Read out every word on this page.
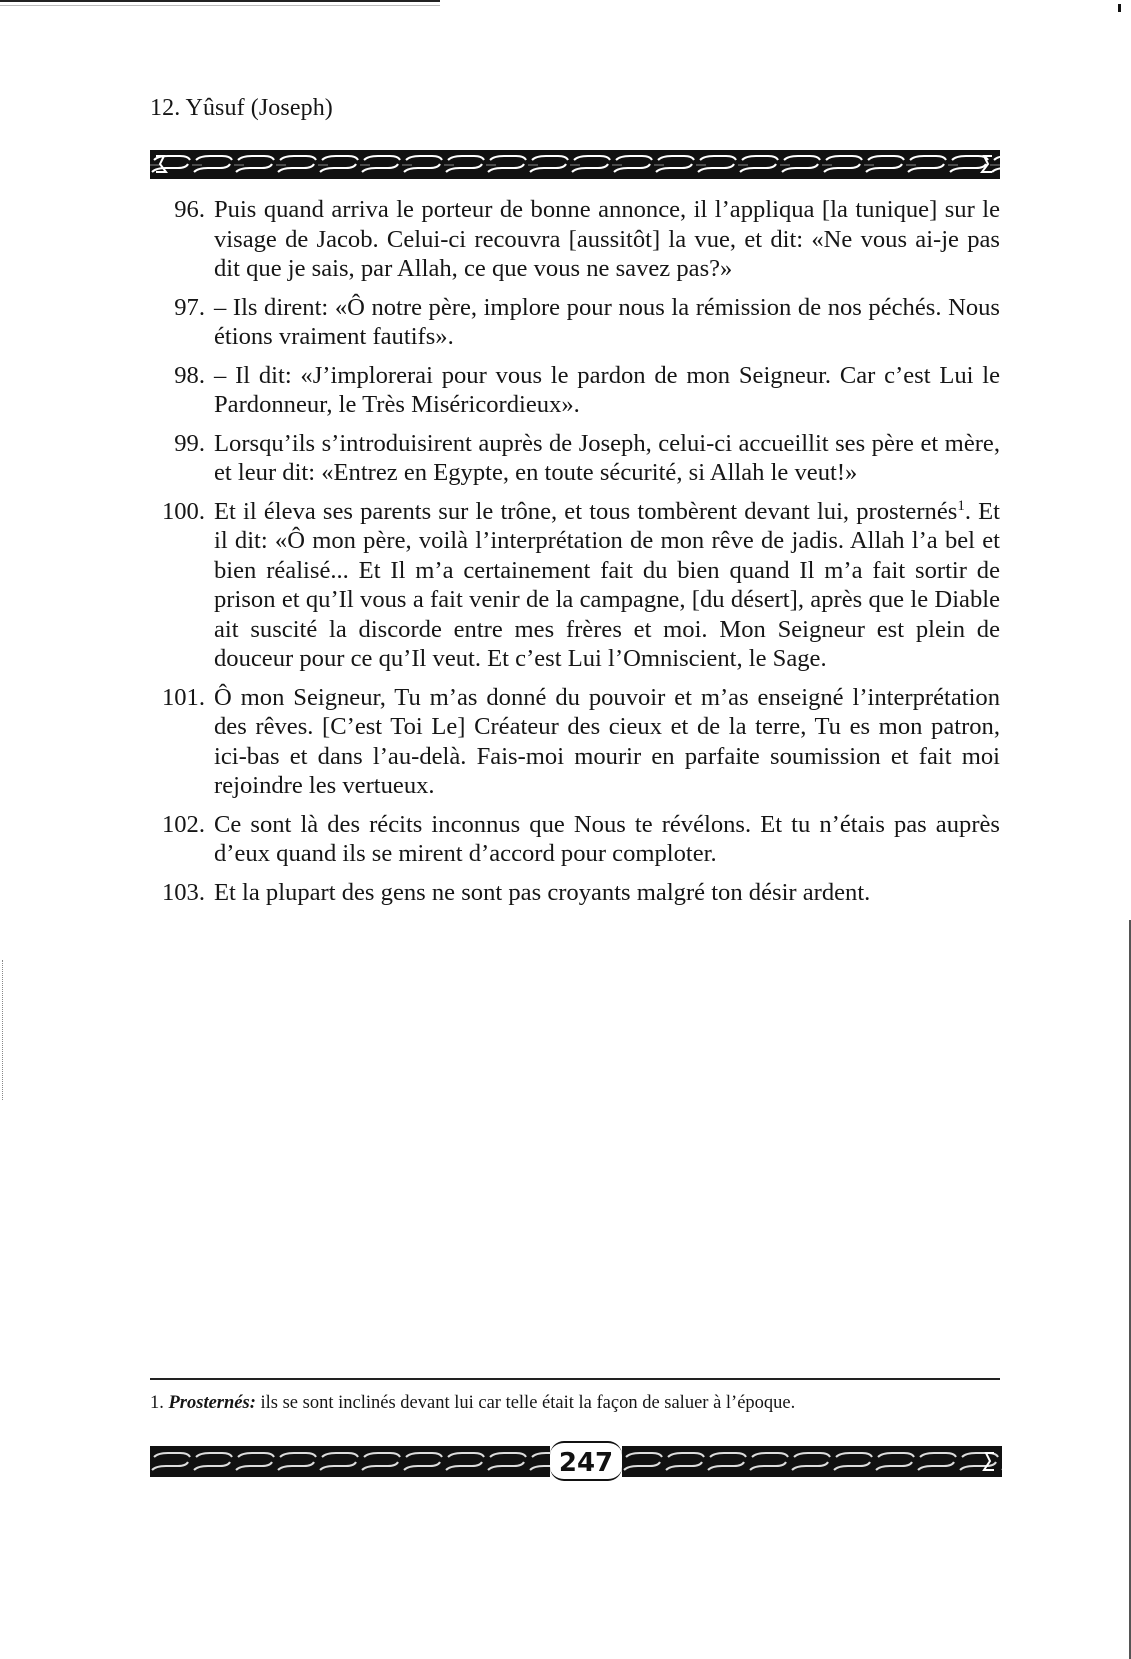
12. Yûsuf (Joseph)
96. Puis quand arriva le porteur de bonne annonce, il l’appliqua [la tunique] sur le visage de Jacob. Celui-ci recouvra [aussitôt] la vue, et dit: «Ne vous ai-je pas dit que je sais, par Allah, ce que vous ne savez pas?»
97. – Ils dirent: «Ô notre père, implore pour nous la rémission de nos péchés. Nous étions vraiment fautifs».
98. – Il dit: «J’implorerai pour vous le pardon de mon Seigneur. Car c’est Lui le Pardonneur, le Très Miséricordieux».
99. Lorsqu’ils s’introduisirent auprès de Joseph, celui-ci accueillit ses père et mère, et leur dit: «Entrez en Egypte, en toute sécurité, si Allah le veut!»
100. Et il éleva ses parents sur le trône, et tous tombèrent devant lui, prosternés$^1$. Et il dit: «Ô mon père, voilà l’interprétation de mon rêve de jadis. Allah l’a bel et bien réalisé... Et Il m’a certainement fait du bien quand Il m’a fait sortir de prison et qu’Il vous a fait venir de la campagne, [du désert], après que le Diable ait suscité la discorde entre mes frères et moi. Mon Seigneur est plein de douceur pour ce qu’Il veut. Et c’est Lui l’Omniscient, le Sage.
101. Ô mon Seigneur, Tu m’as donné du pouvoir et m’as enseigné l’interprétation des rêves. [C’est Toi Le] Créateur des cieux et de la terre, Tu es mon patron, ici-bas et dans l’au-delà. Fais-moi mourir en parfaite soumission et fait moi rejoindre les vertueux.
102. Ce sont là des récits inconnus que Nous te révélons. Et tu n’étais pas auprès d’eux quand ils se mirent d’accord pour comploter.
103. Et la plupart des gens ne sont pas croyants malgré ton désir ardent.
1. Prosternés: ils se sont inclinés devant lui car telle était la façon de saluer à l’époque.
247
